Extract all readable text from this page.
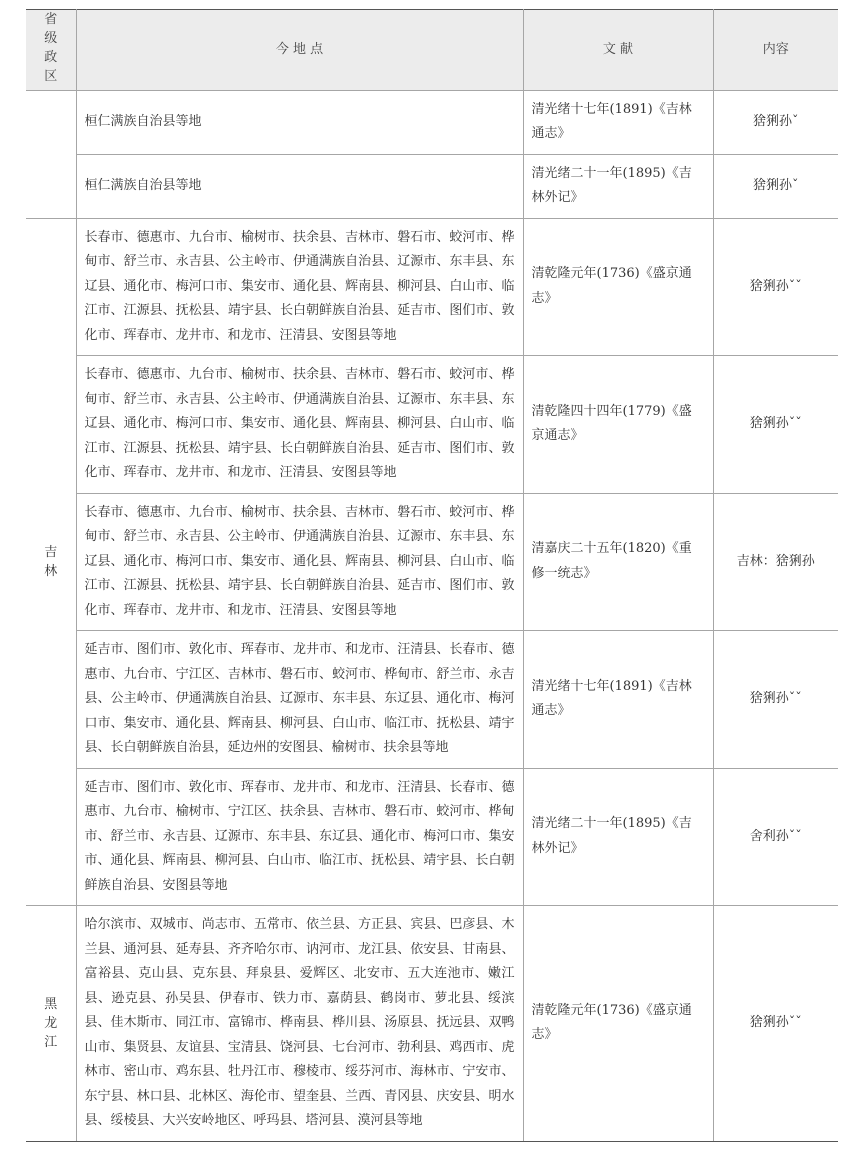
省级政区	今 地 点	文 献	内容
	桓仁满族自治县等地	清光绪十七年(1891)《吉林通志》	猞猁孙ˇ
	桓仁满族自治县等地	清光绪二十一年(1895)《吉林外记》	猞猁孙ˇ
吉林	长春市、德惠市、九台市、榆树市、扶余县、吉林市、磐石市、蛟河市、桦甸市、舒兰市、永吉县、公主岭市、伊通满族自治县、辽源市、东丰县、东辽县、通化市、梅河口市、集安市、通化县、辉南县、柳河县、白山市、临江市、江源县、抚松县、靖宇县、长白朝鲜族自治县、延吉市、图们市、敦化市、珲春市、龙井市、和龙市、汪清县、安图县等地	清乾隆元年(1736)《盛京通志》	猞猁孙ˇˇ
	长春市、德惠市、九台市、榆树市、扶余县、吉林市、磐石市、蛟河市、桦甸市、舒兰市、永吉县、公主岭市、伊通满族自治县、辽源市、东丰县、东辽县、通化市、梅河口市、集安市、通化县、辉南县、柳河县、白山市、临江市、江源县、抚松县、靖宇县、长白朝鲜族自治县、延吉市、图们市、敦化市、珲春市、龙井市、和龙市、汪清县、安图县等地	清乾隆四十四年(1779)《盛京通志》	猞猁孙ˇˇ
	长春市、德惠市、九台市、榆树市、扶余县、吉林市、磐石市、蛟河市、桦甸市、舒兰市、永吉县、公主岭市、伊通满族自治县、辽源市、东丰县、东辽县、通化市、梅河口市、集安市、通化县、辉南县、柳河县、白山市、临江市、江源县、抚松县、靖宇县、长白朝鲜族自治县、延吉市、图们市、敦化市、珲春市、龙井市、和龙市、汪清县、安图县等地	清嘉庆二十五年(1820)《重修一统志》	吉林：猞猁孙
	延吉市、图们市、敦化市、珲春市、龙井市、和龙市、汪清县、长春市、德惠市、九台市、宁江区、吉林市、磐石市、蛟河市、桦甸市、舒兰市、永吉县、公主岭市、伊通满族自治县、辽源市、东丰县、东辽县、通化市、梅河口市、集安市、通化县、辉南县、柳河县、白山市、临江市、抚松县、靖宇县、长白朝鲜族自治县，延边州的安图县、榆树市、扶余县等地	清光绪十七年(1891)《吉林通志》	猞猁孙ˇˇ
	延吉市、图们市、敦化市、珲春市、龙井市、和龙市、汪清县、长春市、德惠市、九台市、榆树市、宁江区、扶余县、吉林市、磐石市、蛟河市、桦甸市、舒兰市、永吉县、辽源市、东丰县、东辽县、通化市、梅河口市、集安市、通化县、辉南县、柳河县、白山市、临江市、抚松县、靖宇县、长白朝鲜族自治县、安图县等地	清光绪二十一年(1895)《吉林外记》	舍利孙ˇˇ
黑龙江	哈尔滨市、双城市、尚志市、五常市、依兰县、方正县、宾县、巴彦县、木兰县、通河县、延寿县、齐齐哈尔市、讷河市、龙江县、依安县、甘南县、富裕县、克山县、克东县、拜泉县、爱辉区、北安市、五大连池市、嫩江县、逊克县、孙吴县、伊春市、铁力市、嘉荫县、鹤岗市、萝北县、绥滨县、佳木斯市、同江市、富锦市、桦南县、桦川县、汤原县、抚远县、双鸭山市、集贤县、友谊县、宝清县、饶河县、七台河市、勃利县、鸡西市、虎林市、密山市、鸡东县、牡丹江市、穆棱市、绥芬河市、海林市、宁安市、东宁县、林口县、北林区、海伦市、望奎县、兰西、青冈县、庆安县、明水县、绥棱县、大兴安岭地区、呼玛县、塔河县、漠河县等地	清乾隆元年(1736)《盛京通志》	猞猁孙ˇˇ
